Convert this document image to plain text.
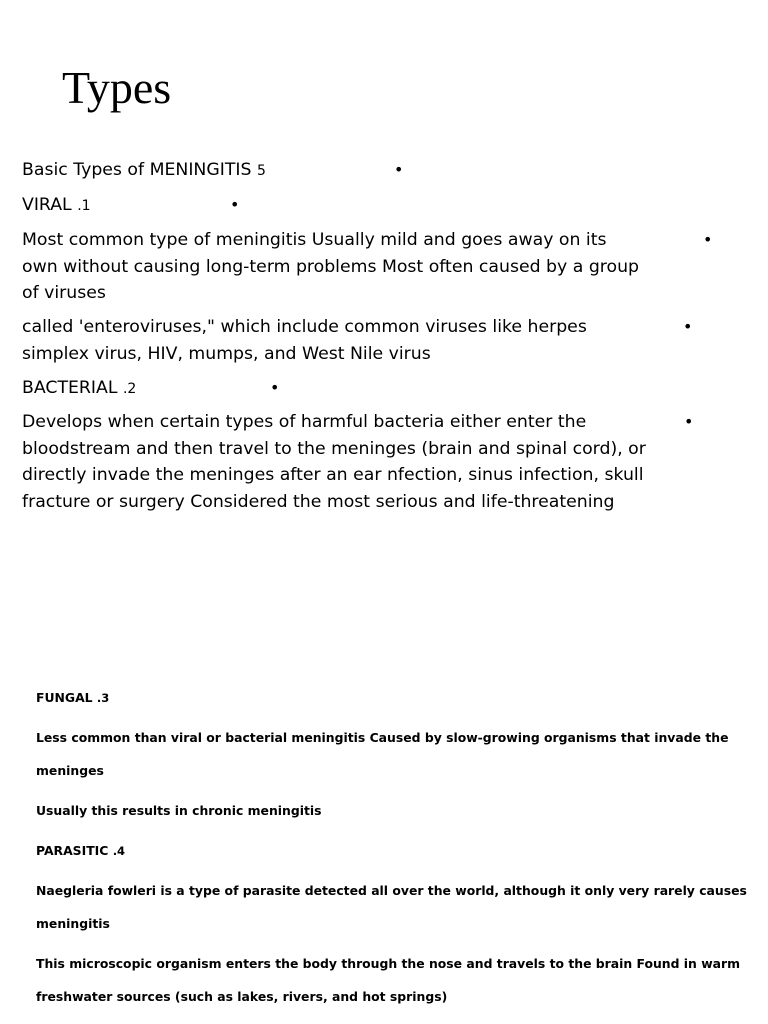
Types
Basic Types of MENINGITIS 5	•
VIRAL .1	•
Most common type of meningitis Usually mild and goes away on its
own without causing long-term problems Most often caused by a group
of viruses
•
called 'enteroviruses," which include common viruses like herpes
simplex virus, HIV, mumps, and West Nile virus
•
BACTERIAL .2	•
Develops when certain types of harmful bacteria either enter the
bloodstream and then travel to the meninges (brain and spinal cord), or
directly invade the meninges after an ear nfection, sinus infection, skull
fracture or surgery Considered the most serious and life-threatening
•
FUNGAL .3
Less common than viral or bacterial meningitis Caused by slow-growing organisms that invade the
meninges
Usually this results in chronic meningitis
PARASITIC .4
Naegleria fowleri is a type of parasite detected all over the world, although it only very rarely causes
meningitis
This microscopic organism enters the body through the nose and travels to the brain Found in warm
freshwater sources (such as lakes, rivers, and hot springs)
